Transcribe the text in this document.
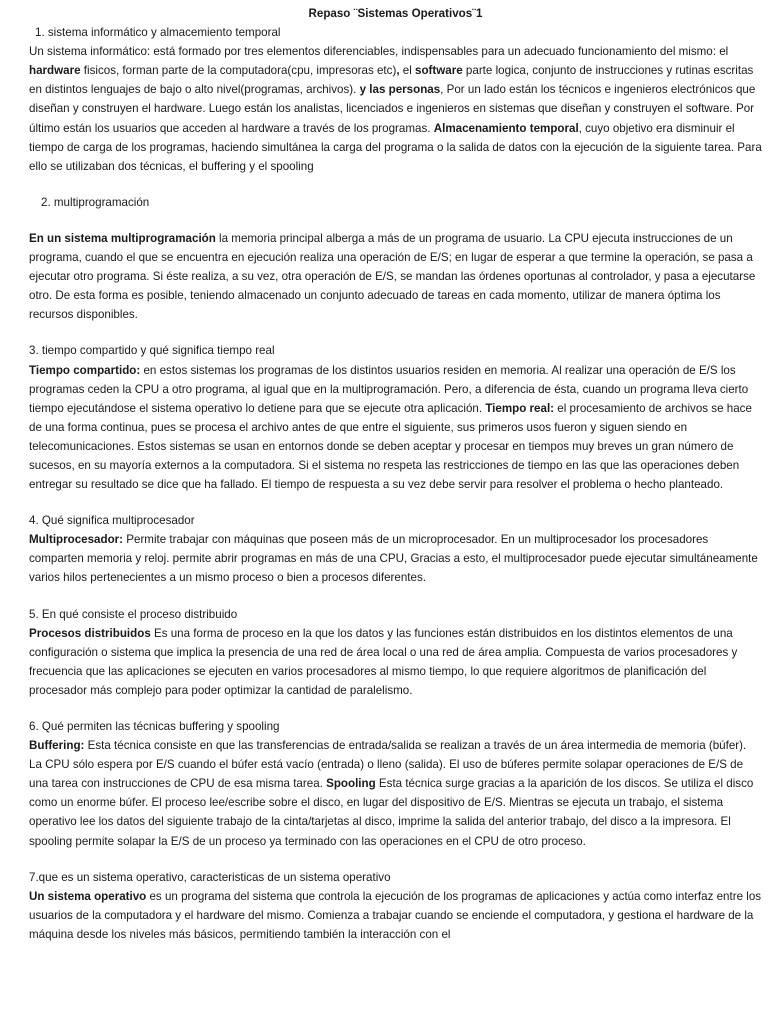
Repaso ¨Sistemas Operativos¨1

1. sistema informático y almacemiento temporal

Un sistema informático: está formado por tres elementos diferenciables, indispensables para un adecuado funcionamiento del mismo: el hardware fisicos, forman parte de la computadora(cpu, impresoras etc), el software parte logica, conjunto de instrucciones y rutinas escritas en distintos lenguajes de bajo o alto nivel(programas, archivos). y las personas, Por un lado están los técnicos e ingenieros electrónicos que diseñan y construyen el hardware. Luego están los analistas, licenciados e ingenieros en sistemas que diseñan y construyen el software. Por último están los usuarios que acceden al hardware a través de los programas. Almacenamiento temporal, cuyo objetivo era disminuir el tiempo de carga de los programas, haciendo simultánea la carga del programa o la salida de datos con la ejecución de la siguiente tarea. Para ello se utilizaban dos técnicas, el buffering y el spooling

2. multiprogramación

En un sistema multiprogramación la memoria principal alberga a más de un programa de usuario. La CPU ejecuta instrucciones de un programa, cuando el que se encuentra en ejecución realiza una operación de E/S; en lugar de esperar a que termine la operación, se pasa a ejecutar otro programa. Si éste realiza, a su vez, otra operación de E/S, se mandan las órdenes oportunas al controlador, y pasa a ejecutarse otro. De esta forma es posible, teniendo almacenado un conjunto adecuado de tareas en cada momento, utilizar de manera óptima los recursos disponibles.

3. tiempo compartido y qué significa tiempo real

Tiempo compartido: en estos sistemas los programas de los distintos usuarios residen en memoria. Al realizar una operación de E/S los programas ceden la CPU a otro programa, al igual que en la multiprogramación. Pero, a diferencia de ésta, cuando un programa lleva cierto tiempo ejecutándose el sistema operativo lo detiene para que se ejecute otra aplicación. Tiempo real: el procesamiento de archivos se hace de una forma continua, pues se procesa el archivo antes de que entre el siguiente, sus primeros usos fueron y siguen siendo en telecomunicaciones. Estos sistemas se usan en entornos donde se deben aceptar y procesar en tiempos muy breves un gran número de sucesos, en su mayoría externos a la computadora. Si el sistema no respeta las restricciones de tiempo en las que las operaciones deben entregar su resultado se dice que ha fallado. El tiempo de respuesta a su vez debe servir para resolver el problema o hecho planteado.

4. Qué significa multiprocesador

Multiprocesador: Permite trabajar con máquinas que poseen más de un microprocesador. En un multiprocesador los procesadores comparten memoria y reloj. permite abrir programas en más de una CPU, Gracias a esto, el multiprocesador puede ejecutar simultáneamente varios hilos pertenecientes a un mismo proceso o bien a procesos diferentes.

5. En qué consiste el proceso distribuido

Procesos distribuidos Es una forma de proceso en la que los datos y las funciones están distribuidos en los distintos elementos de una configuración o sistema que implica la presencia de una red de área local o una red de área amplia. Compuesta de varios procesadores y frecuencia que las aplicaciones se ejecuten en varios procesadores al mismo tiempo, lo que requiere algoritmos de planificación del procesador más complejo para poder optimizar la cantidad de paralelismo.

6. Qué permiten las técnicas buffering y spooling

Buffering: Esta técnica consiste en que las transferencias de entrada/salida se realizan a través de un área intermedia de memoria (búfer). La CPU sólo espera por E/S cuando el búfer está vacío (entrada) o lleno (salida). El uso de búferes permite solapar operaciones de E/S de una tarea con instrucciones de CPU de esa misma tarea. Spooling Esta técnica surge gracias a la aparición de los discos. Se utiliza el disco como un enorme búfer. El proceso lee/escribe sobre el disco, en lugar del dispositivo de E/S. Mientras se ejecuta un trabajo, el sistema operativo lee los datos del siguiente trabajo de la cinta/tarjetas al disco, imprime la salida del anterior trabajo, del disco a la impresora. El spooling permite solapar la E/S de un proceso ya terminado con las operaciones en el CPU de otro proceso.

7.que es un sistema operativo, caracteristicas de un sistema operativo

Un sistema operativo es un programa del sistema que controla la ejecución de los programas de aplicaciones y actúa como interfaz entre los usuarios de la computadora y el hardware del mismo. Comienza a trabajar cuando se enciende el computadora, y gestiona el hardware de la máquina desde los niveles más básicos, permitiendo también la interacción con el
